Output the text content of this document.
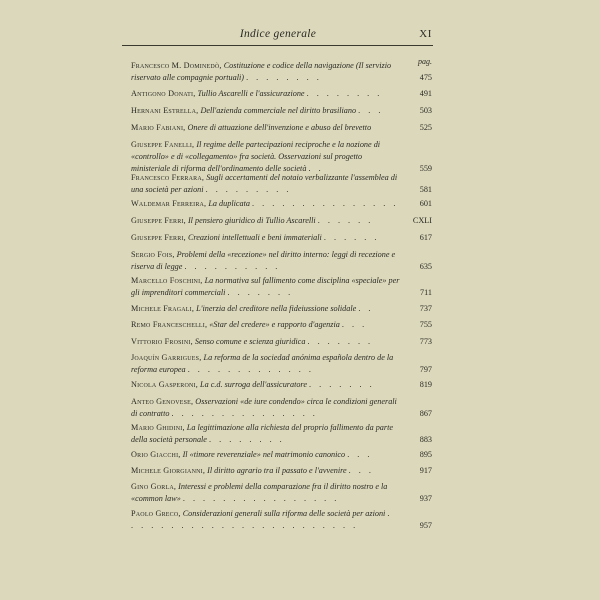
Indice generale	XI
pag.
Francesco M. Dominedò, Costituzione e codice della navigazione (Il servizio riservato alle compagnie portuali) . . . . . . . .	475
Antigono Donati, Tullio Ascarelli e l'assicurazione . . . . . . . .	491
Hernani Estrella, Dell'azienda commerciale nel diritto brasiliano . . .	503
Mario Fabiani, Onere di attuazione dell'invenzione e abuso del brevetto	525
Giuseppe Fanelli, Il regime delle partecipazioni reciproche e la nozione di «controllo» e di «collegamento» fra società. Osservazioni sul progetto ministeriale di riforma dell'ordinamento delle società . .	559
Francesco Ferrara, Sugli accertamenti del notaio verbalizzante l'assemblea di una società per azioni . . . . . . . . .	581
Waldemar Ferreira, La duplicata . . . . . . . . . . . . . . .	601
Giuseppe Ferri, Il pensiero giuridico di Tullio Ascarelli . . . . . .	CXLI
Giuseppe Ferri, Creazioni intellettuali e beni immateriali . . . . . .	617
Sergio Fois, Problemi della «recezione» nel diritto interno: leggi di recezione e riserva di legge . . . . . . . . . .	635
Marcello Foschini, La normativa sul fallimento come disciplina «speciale» per gli imprenditori commerciali . . . . . . .	711
Michele Fragali, L'inerzia del creditore nella fideiussione solidale . .	737
Remo Franceschelli, «Star del credere» e rapporto d'agenzia . . .	755
Vittorio Frosini, Senso comune e scienza giuridica . . . . . . .	773
Joaquín Garrigues, La reforma de la sociedad anónima española dentro de la reforma europea . . . . . . . . . . . . .	797
Nicola Gasperoni, La c.d. surroga dell'assicuratore . . . . . . .	819
Anteo Genovese, Osservazioni «de iure condendo» circa le condizioni generali di contratto . . . . . . . . . . . . . . .	867
Mario Ghidini, La legittimazione alla richiesta del proprio fallimento da parte della società personale . . . . . . . .	883
Orio Giacchi, Il «timore reverenziale» nel matrimonio canonico . . .	895
Michele Giorgianni, Il diritto agrario tra il passato e l'avvenire . . .	917
Gino Gorla, Interessi e problemi della comparazione fra il diritto nostro e la «common law» . . . . . . . . . . . . . . . .	937
Paolo Greco, Considerazioni generali sulla riforma delle società per azioni . . . . . . . . . . . . . . . . . . . . . . . .	957
